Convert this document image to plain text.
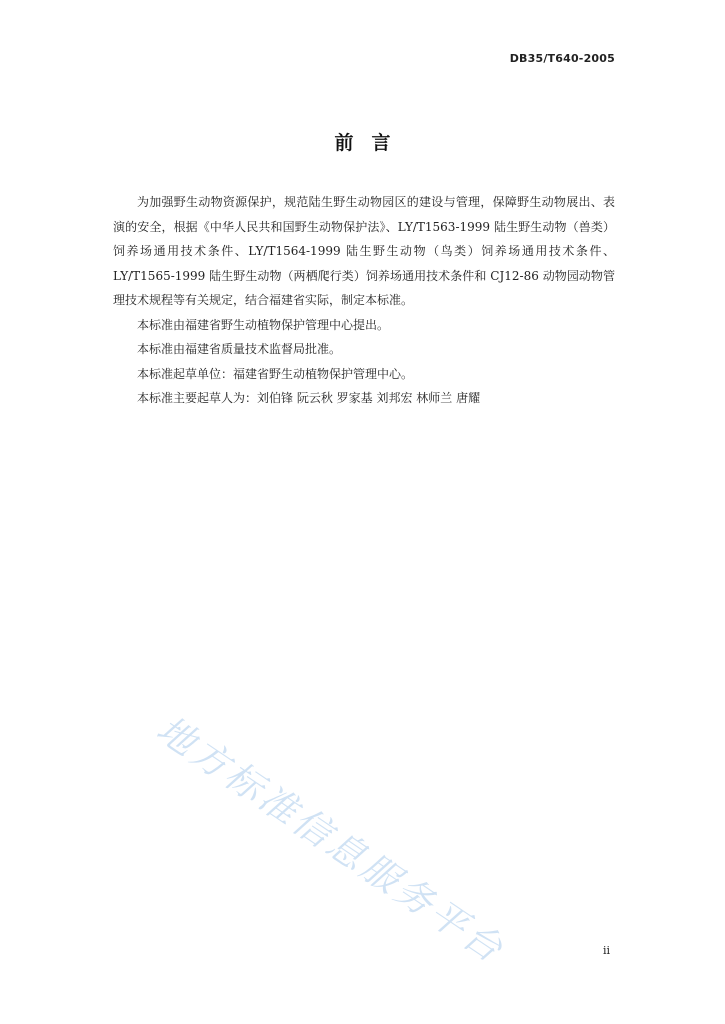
DB35/T640-2005
前言

为加强野生动物资源保护，规范陆生野生动物园区的建设与管理，保障野生动物展出、表演的安全，根据《中华人民共和国野生动物保护法》、LY/T1563-1999 陆生野生动物（兽类）饲养场通用技术条件、LY/T1564-1999 陆生野生动物（鸟类）饲养场通用技术条件、LY/T1565-1999 陆生野生动物（两栖爬行类）饲养场通用技术条件和 CJ12-86 动物园动物管理技术规程等有关规定，结合福建省实际，制定本标准。

本标准由福建省野生动植物保护管理中心提出。

本标准由福建省质量技术监督局批准。

本标准起草单位：福建省野生动植物保护管理中心。

本标准主要起草人为：刘伯锋 阮云秋 罗家基 刘邦宏 林师兰 唐耀

地方标准信息服务平台	ii
